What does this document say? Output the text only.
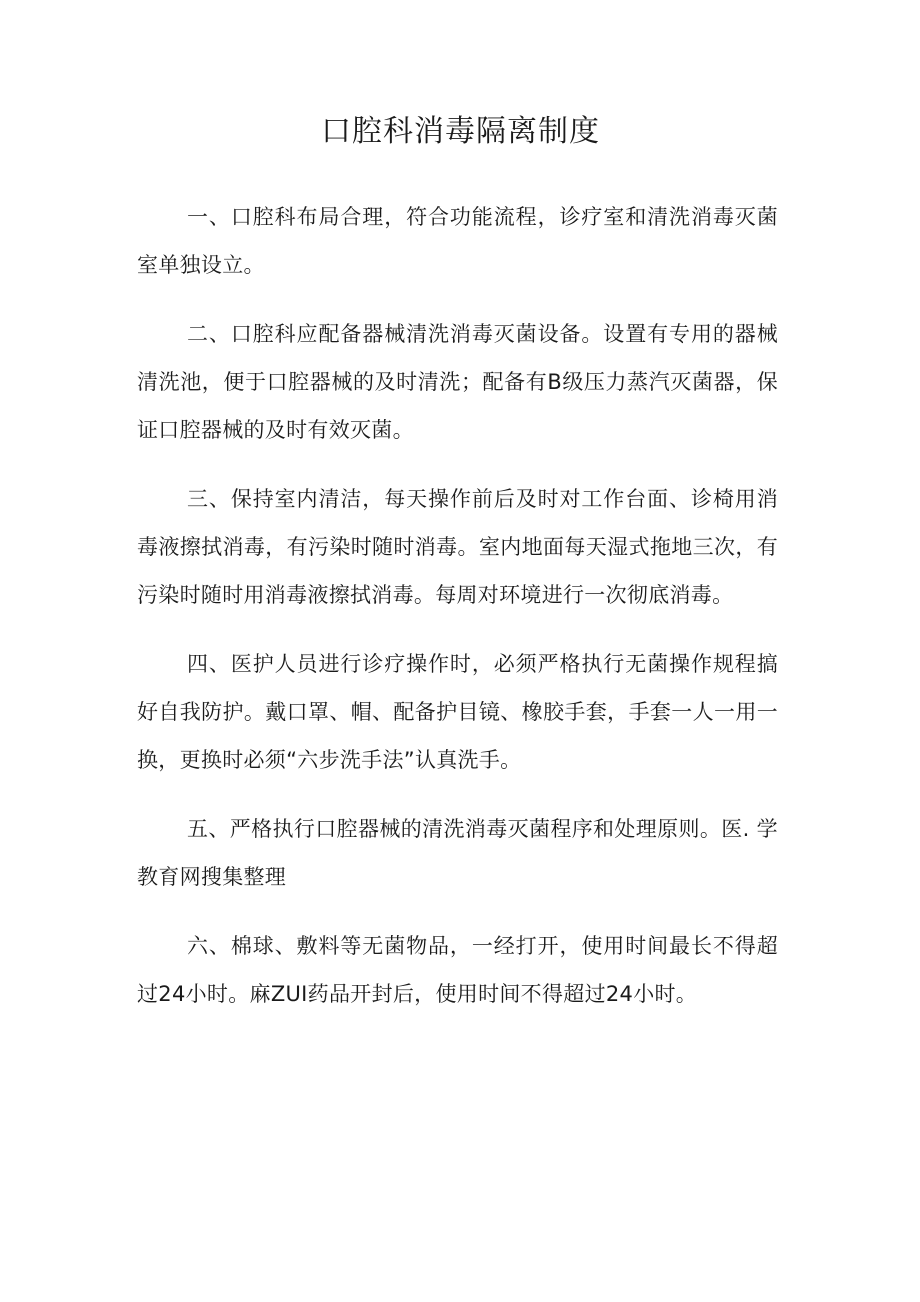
口腔科消毒隔离制度

一、口腔科布局合理，符合功能流程，诊疗室和清洗消毒灭菌室单独设立。

二、口腔科应配备器械清洗消毒灭菌设备。设置有专用的器械清洗池，便于口腔器械的及时清洗；配备有B级压力蒸汽灭菌器，保证口腔器械的及时有效灭菌。

三、保持室内清洁，每天操作前后及时对工作台面、诊椅用消毒液擦拭消毒，有污染时随时消毒。室内地面每天湿式拖地三次，有污染时随时用消毒液擦拭消毒。每周对环境进行一次彻底消毒。

四、医护人员进行诊疗操作时，必须严格执行无菌操作规程搞好自我防护。戴口罩、帽、配备护目镜、橡胶手套，手套一人一用一换，更换时必须“六步洗手法”认真洗手。

五、严格执行口腔器械的清洗消毒灭菌程序和处理原则。医. 学教育网搜集整理

六、棉球、敷料等无菌物品，一经打开，使用时间最长不得超过24小时。麻ZUI药品开封后，使用时间不得超过24小时。
